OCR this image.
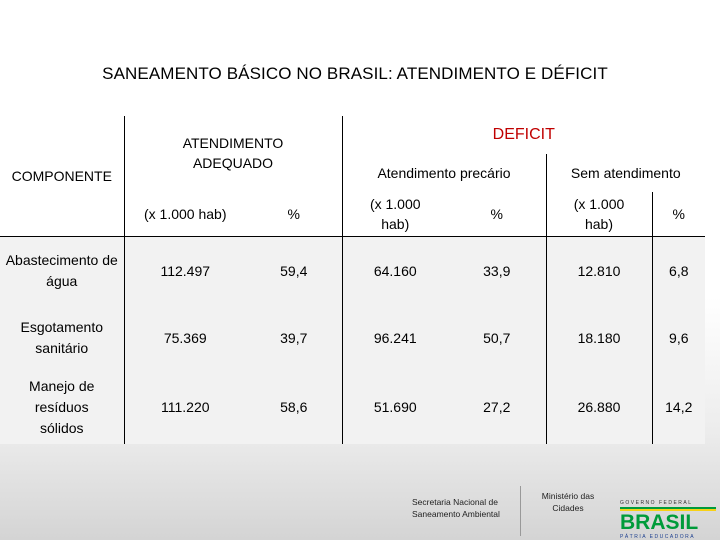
SANEAMENTO BÁSICO NO BRASIL: ATENDIMENTO E DÉFICIT
COMPONENTE	ATENDIMENTO ADEQUADO		DEFICIT			
			Atendimento precário		Sem atendimento	
	(x 1.000 hab)	%	(x 1.000 hab)	%	(x 1.000 hab)	%

Abastecimento de água	112.497	59,4	64.160	33,9	12.810	6,8

Esgotamento sanitário	75.369	39,7	96.241	50,7	18.180	9,6

Manejo de resíduos sólidos	111.220	58,6	51.690	27,2	26.880	14,2
Secretaria Nacional de Saneamento Ambiental
Ministério das Cidades	GOVERNO FEDERAL
BRASIL
PÁTRIA EDUCADORA
